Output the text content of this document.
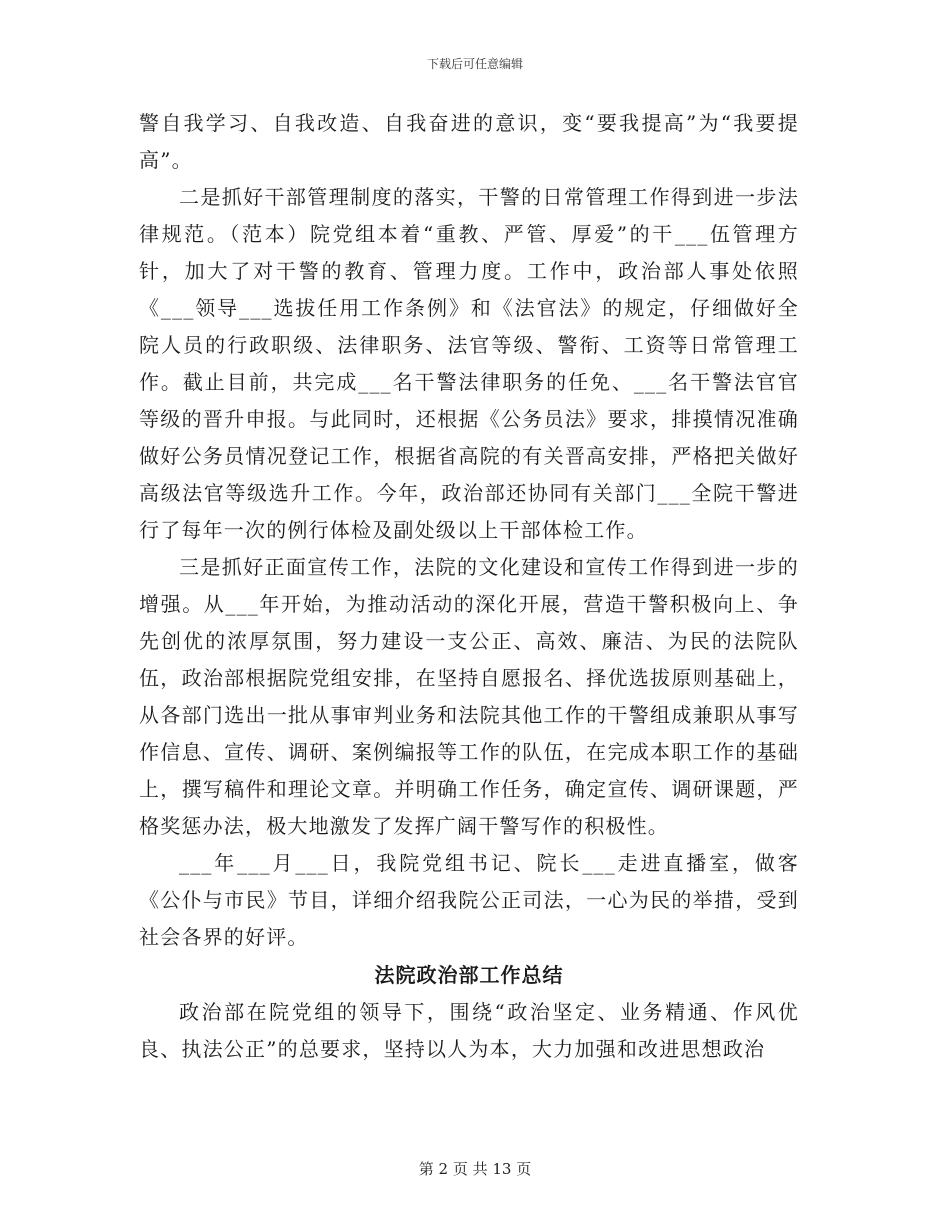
下载后可任意编辑

警自我学习、自我改造、自我奋进的意识，变“要我提高”为“我要提高”。

二是抓好干部管理制度的落实，干警的日常管理工作得到进一步法律规范。（范本）院党组本着“重教、严管、厚爱”的干___伍管理方针，加大了对干警的教育、管理力度。工作中，政治部人事处依照《___领导___选拔任用工作条例》和《法官法》的规定，仔细做好全院人员的行政职级、法律职务、法官等级、警衔、工资等日常管理工作。截止目前，共完成___名干警法律职务的任免、___名干警法官官等级的晋升申报。与此同时，还根据《公务员法》要求，排摸情况准确做好公务员情况登记工作，根据省高院的有关晋高安排，严格把关做好高级法官等级选升工作。今年，政治部还协同有关部门___全院干警进行了每年一次的例行体检及副处级以上干部体检工作。

三是抓好正面宣传工作，法院的文化建设和宣传工作得到进一步的增强。从___年开始，为推动活动的深化开展，营造干警积极向上、争先创优的浓厚氛围，努力建设一支公正、高效、廉洁、为民的法院队伍，政治部根据院党组安排，在坚持自愿报名、择优选拔原则基础上，从各部门选出一批从事审判业务和法院其他工作的干警组成兼职从事写作信息、宣传、调研、案例编报等工作的队伍，在完成本职工作的基础上，撰写稿件和理论文章。并明确工作任务，确定宣传、调研课题，严格奖惩办法，极大地激发了发挥广阔干警写作的积极性。

___年___月___日，我院党组书记、院长___走进直播室，做客《公仆与市民》节目，详细介绍我院公正司法，一心为民的举措，受到社会各界的好评。

法院政治部工作总结

政治部在院党组的领导下，围绕“政治坚定、业务精通、作风优良、执法公正”的总要求，坚持以人为本，大力加强和改进思想政治

第 2 页 共 13 页
